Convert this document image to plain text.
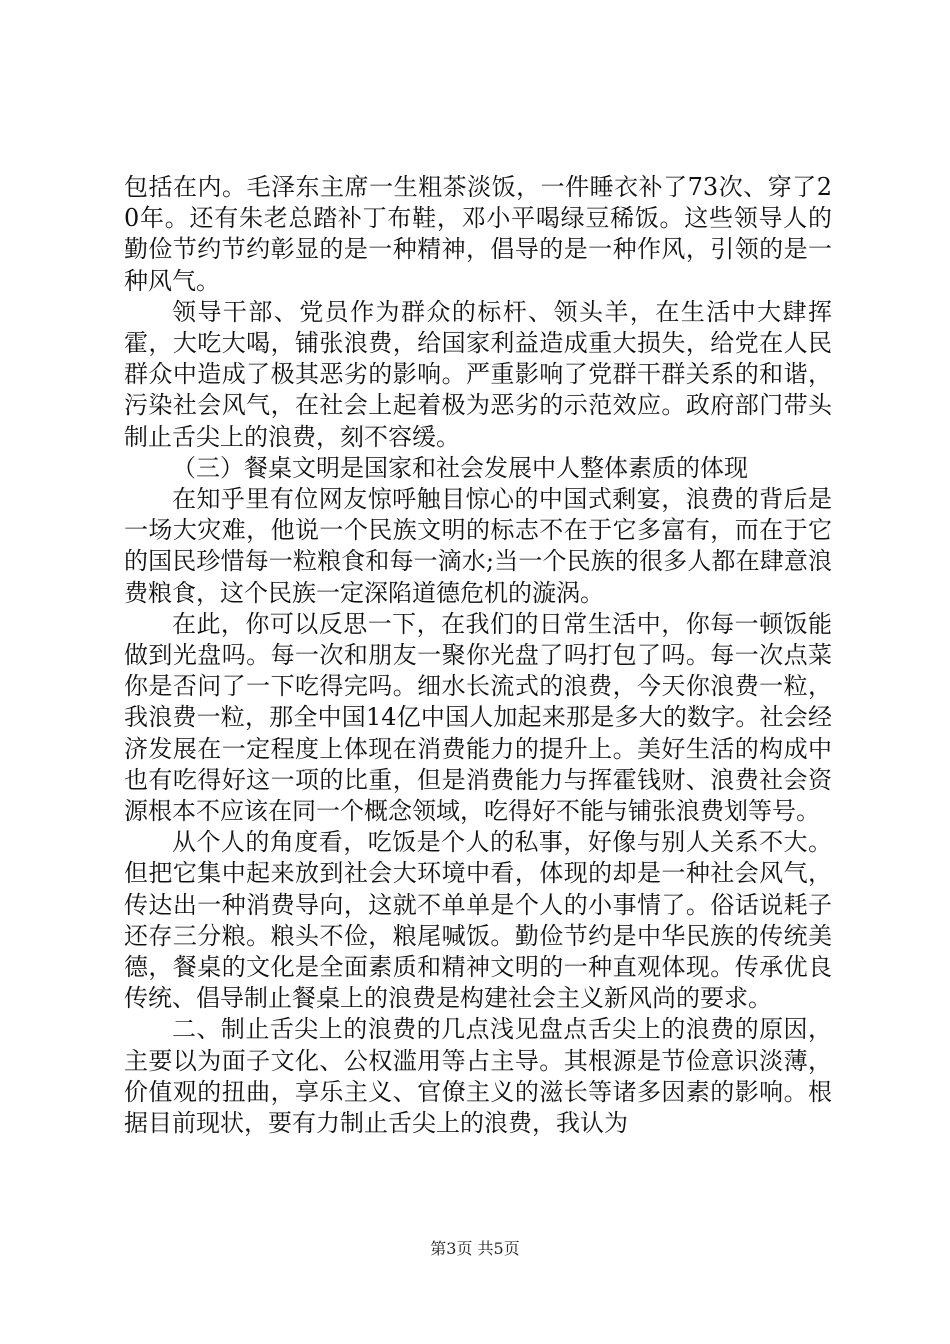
包括在内。毛泽东主席一生粗茶淡饭，一件睡衣补了73次、穿了20年。还有朱老总踏补丁布鞋，邓小平喝绿豆稀饭。这些领导人的勤俭节约节约彰显的是一种精神，倡导的是一种作风，引领的是一种风气。

领导干部、党员作为群众的标杆、领头羊，在生活中大肆挥霍，大吃大喝，铺张浪费，给国家利益造成重大损失，给党在人民群众中造成了极其恶劣的影响。严重影响了党群干群关系的和谐，污染社会风气，在社会上起着极为恶劣的示范效应。政府部门带头制止舌尖上的浪费，刻不容缓。

（三）餐桌文明是国家和社会发展中人整体素质的体现

在知乎里有位网友惊呼触目惊心的中国式剩宴，浪费的背后是一场大灾难，他说一个民族文明的标志不在于它多富有，而在于它的国民珍惜每一粒粮食和每一滴水;当一个民族的很多人都在肆意浪费粮食，这个民族一定深陷道德危机的漩涡。

在此，你可以反思一下，在我们的日常生活中，你每一顿饭能做到光盘吗。每一次和朋友一聚你光盘了吗打包了吗。每一次点菜你是否问了一下吃得完吗。细水长流式的浪费，今天你浪费一粒，我浪费一粒，那全中国14亿中国人加起来那是多大的数字。社会经济发展在一定程度上体现在消费能力的提升上。美好生活的构成中也有吃得好这一项的比重，但是消费能力与挥霍钱财、浪费社会资源根本不应该在同一个概念领域，吃得好不能与铺张浪费划等号。

从个人的角度看，吃饭是个人的私事，好像与别人关系不大。但把它集中起来放到社会大环境中看，体现的却是一种社会风气，传达出一种消费导向，这就不单单是个人的小事情了。俗话说耗子还存三分粮。粮头不俭，粮尾喊饭。勤俭节约是中华民族的传统美德，餐桌的文化是全面素质和精神文明的一种直观体现。传承优良传统、倡导制止餐桌上的浪费是构建社会主义新风尚的要求。

二、制止舌尖上的浪费的几点浅见盘点舌尖上的浪费的原因，主要以为面子文化、公权滥用等占主导。其根源是节俭意识淡薄，价值观的扭曲，享乐主义、官僚主义的滋长等诸多因素的影响。根据目前现状，要有力制止舌尖上的浪费，我认为

第3页 共5页
